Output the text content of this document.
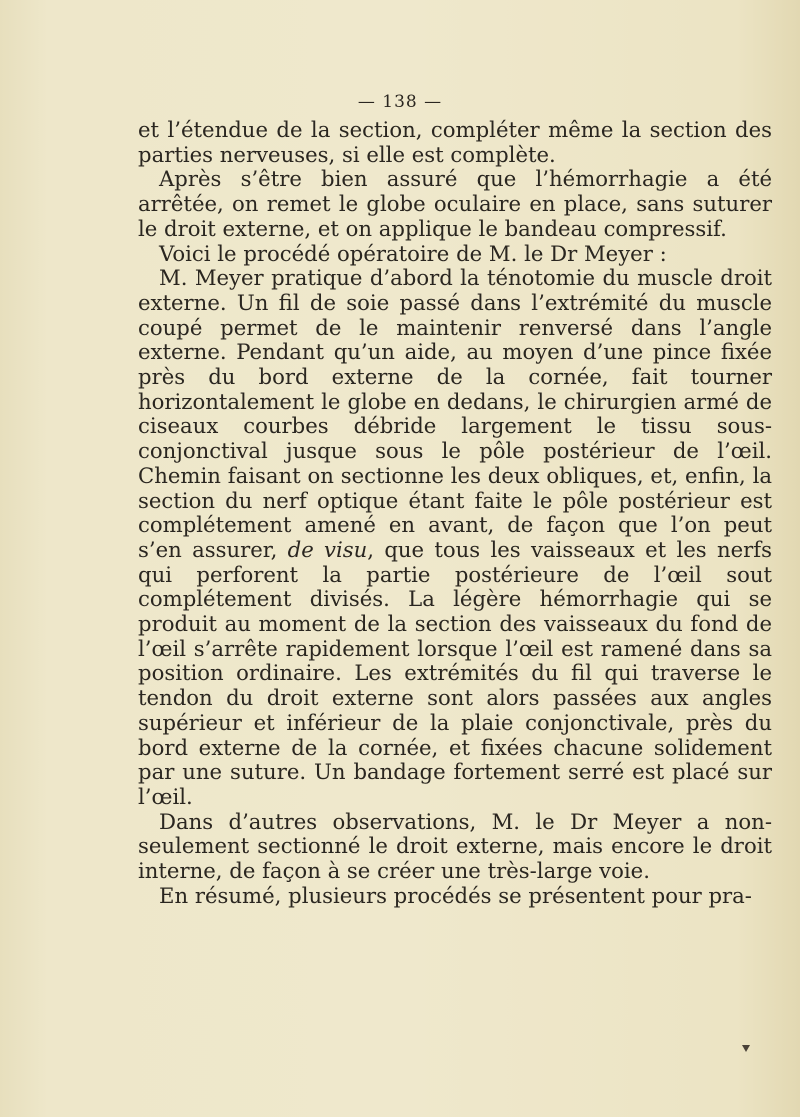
— 138 —

et l’étendue de la section, compléter même la section des parties nerveuses, si elle est complète.

Après s’être bien assuré que l’hémorrhagie a été arrêtée, on remet le globe oculaire en place, sans suturer le droit externe, et on applique le bandeau compressif.

Voici le procédé opératoire de M. le Dr Meyer :

M. Meyer pratique d’abord la ténotomie du muscle droit externe. Un fil de soie passé dans l’extrémité du muscle coupé permet de le maintenir renversé dans l’angle externe. Pendant qu’un aide, au moyen d’une pince fixée près du bord externe de la cornée, fait tourner horizontalement le globe en dedans, le chirurgien armé de ciseaux courbes débride largement le tissu sous-conjonctival jusque sous le pôle postérieur de l’œil. Chemin faisant on sectionne les deux obliques, et, enfin, la section du nerf optique étant faite le pôle postérieur est complétement amené en avant, de façon que l’on peut s’en assurer, de visu, que tous les vaisseaux et les nerfs qui perforent la partie postérieure de l’œil sout complétement divisés. La légère hémorrhagie qui se produit au moment de la section des vaisseaux du fond de l’œil s’arrête rapidement lorsque l’œil est ramené dans sa position ordinaire. Les extrémités du fil qui traverse le tendon du droit externe sont alors passées aux angles supérieur et inférieur de la plaie conjonctivale, près du bord externe de la cornée, et fixées chacune solidement par une suture. Un bandage fortement serré est placé sur l’œil.

Dans d’autres observations, M. le Dr Meyer a non-seulement sectionné le droit externe, mais encore le droit interne, de façon à se créer une très-large voie.

En résumé, plusieurs procédés se présentent pour pra-
